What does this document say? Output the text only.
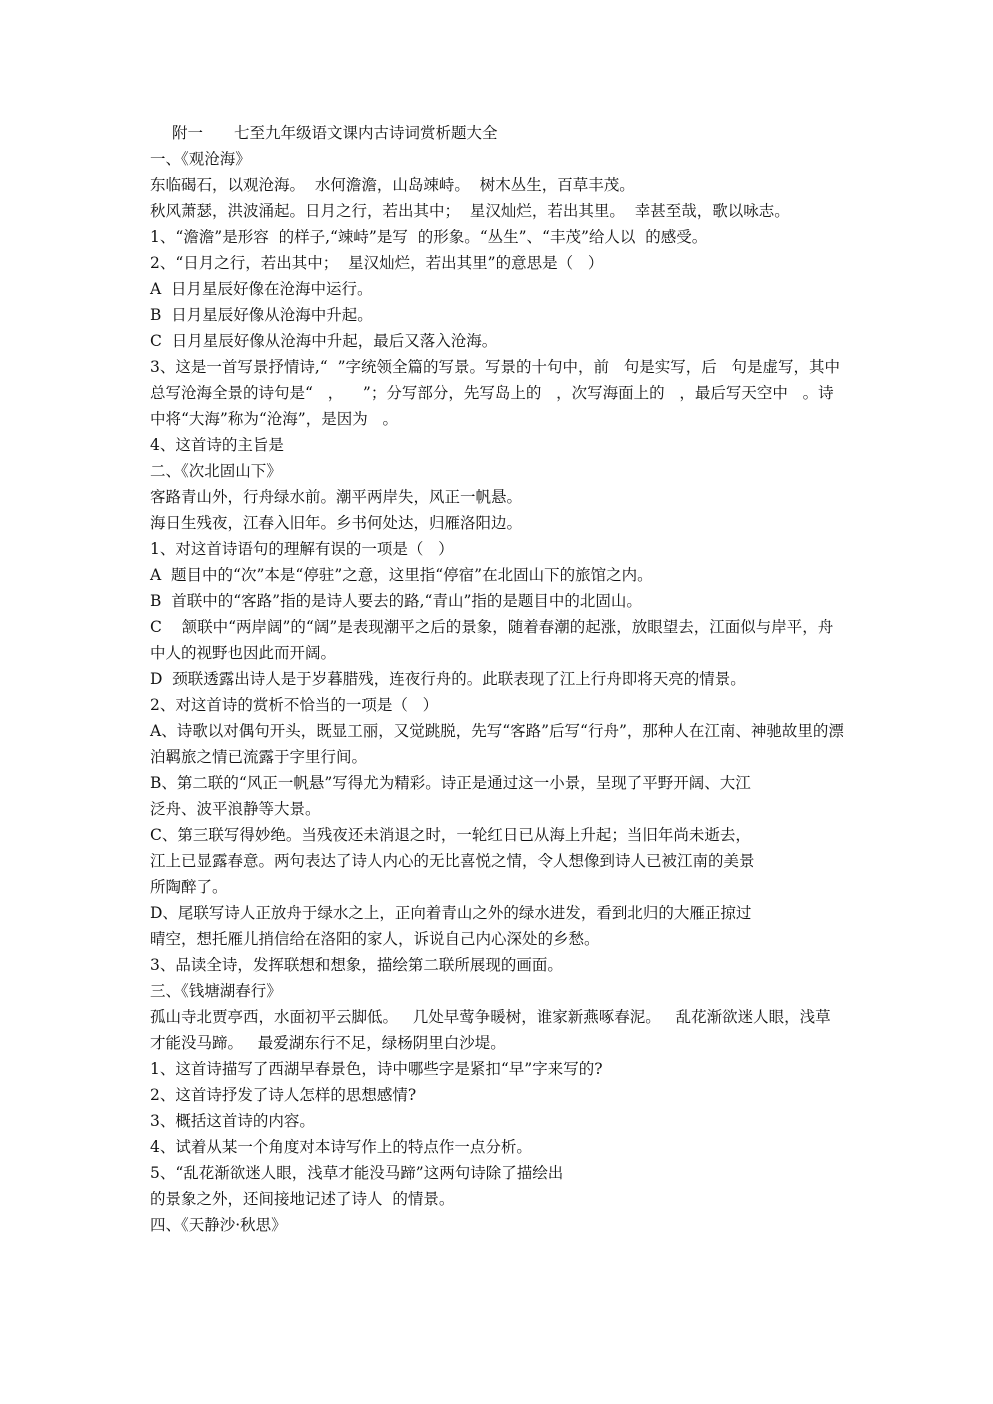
附一　　七至九年级语文课内古诗词赏析题大全

一、《观沧海》

东临碣石，以观沧海。  水何澹澹，山岛竦峙。  树木丛生，百草丰茂。

秋风萧瑟，洪波涌起。日月之行，若出其中；  星汉灿烂，若出其里。  幸甚至哉，歌以咏志。

1、“澹澹”是形容  的样子,“竦峙”是写  的形象。“丛生”、“丰茂”给人以  的感受。

2、“日月之行，若出其中；  星汉灿烂，若出其里”的意思是（   ）

A  日月星辰好像在沧海中运行。

B  日月星辰好像从沧海中升起。

C  日月星辰好像从沧海中升起，最后又落入沧海。

3、这是一首写景抒情诗,“  ”字统领全篇的写景。写景的十句中，前   句是实写，后   句是虚写，其中总写沧海全景的诗句是“   ，    ”；分写部分，先写岛上的   ，次写海面上的   ，最后写天空中   。诗中将“大海”称为“沧海”，是因为   。

4、这首诗的主旨是

二、《次北固山下》

客路青山外，行舟绿水前。潮平两岸失，风正一帆悬。

海日生残夜，江春入旧年。乡书何处达，归雁洛阳边。

1、对这首诗语句的理解有误的一项是（   ）

A  题目中的“次”本是“停驻”之意，这里指“停宿”在北固山下的旅馆之内。

B  首联中的“客路”指的是诗人要去的路,“青山”指的是题目中的北固山。

C    颔联中“两岸阔”的“阔”是表现潮平之后的景象，随着春潮的起涨，放眼望去，江面似与岸平，舟中人的视野也因此而开阔。

D  颈联透露出诗人是于岁暮腊残，连夜行舟的。此联表现了江上行舟即将天亮的情景。

2、对这首诗的赏析不恰当的一项是（   ）

A、诗歌以对偶句开头，既显工丽，又觉跳脱，先写“客路”后写“行舟”，那种人在江南、神驰故里的漂泊羁旅之情已流露于字里行间。

B、第二联的“风正一帆悬”写得尤为精彩。诗正是通过这一小景，呈现了平野开阔、大江

泛舟、波平浪静等大景。

C、第三联写得妙绝。当残夜还未消退之时，一轮红日已从海上升起；当旧年尚未逝去，

江上已显露春意。两句表达了诗人内心的无比喜悦之情，令人想像到诗人已被江南的美景

所陶醉了。

D、尾联写诗人正放舟于绿水之上，正向着青山之外的绿水进发，看到北归的大雁正掠过

晴空，想托雁儿捎信给在洛阳的家人，诉说自己内心深处的乡愁。

3、品读全诗，发挥联想和想象，描绘第二联所展现的画面。

三、《钱塘湖春行》

孤山寺北贾亭西，水面初平云脚低。   几处早莺争暖树，谁家新燕啄春泥。   乱花渐欲迷人眼，浅草才能没马蹄。   最爱湖东行不足，绿杨阴里白沙堤。

1、这首诗描写了西湖早春景色，诗中哪些字是紧扣“早”字来写的?

2、这首诗抒发了诗人怎样的思想感情?

3、概括这首诗的内容。

4、试着从某一个角度对本诗写作上的特点作一点分析。

5、“乱花渐欲迷人眼，浅草才能没马蹄”这两句诗除了描绘出

的景象之外，还间接地记述了诗人  的情景。

四、《天静沙·秋思》
